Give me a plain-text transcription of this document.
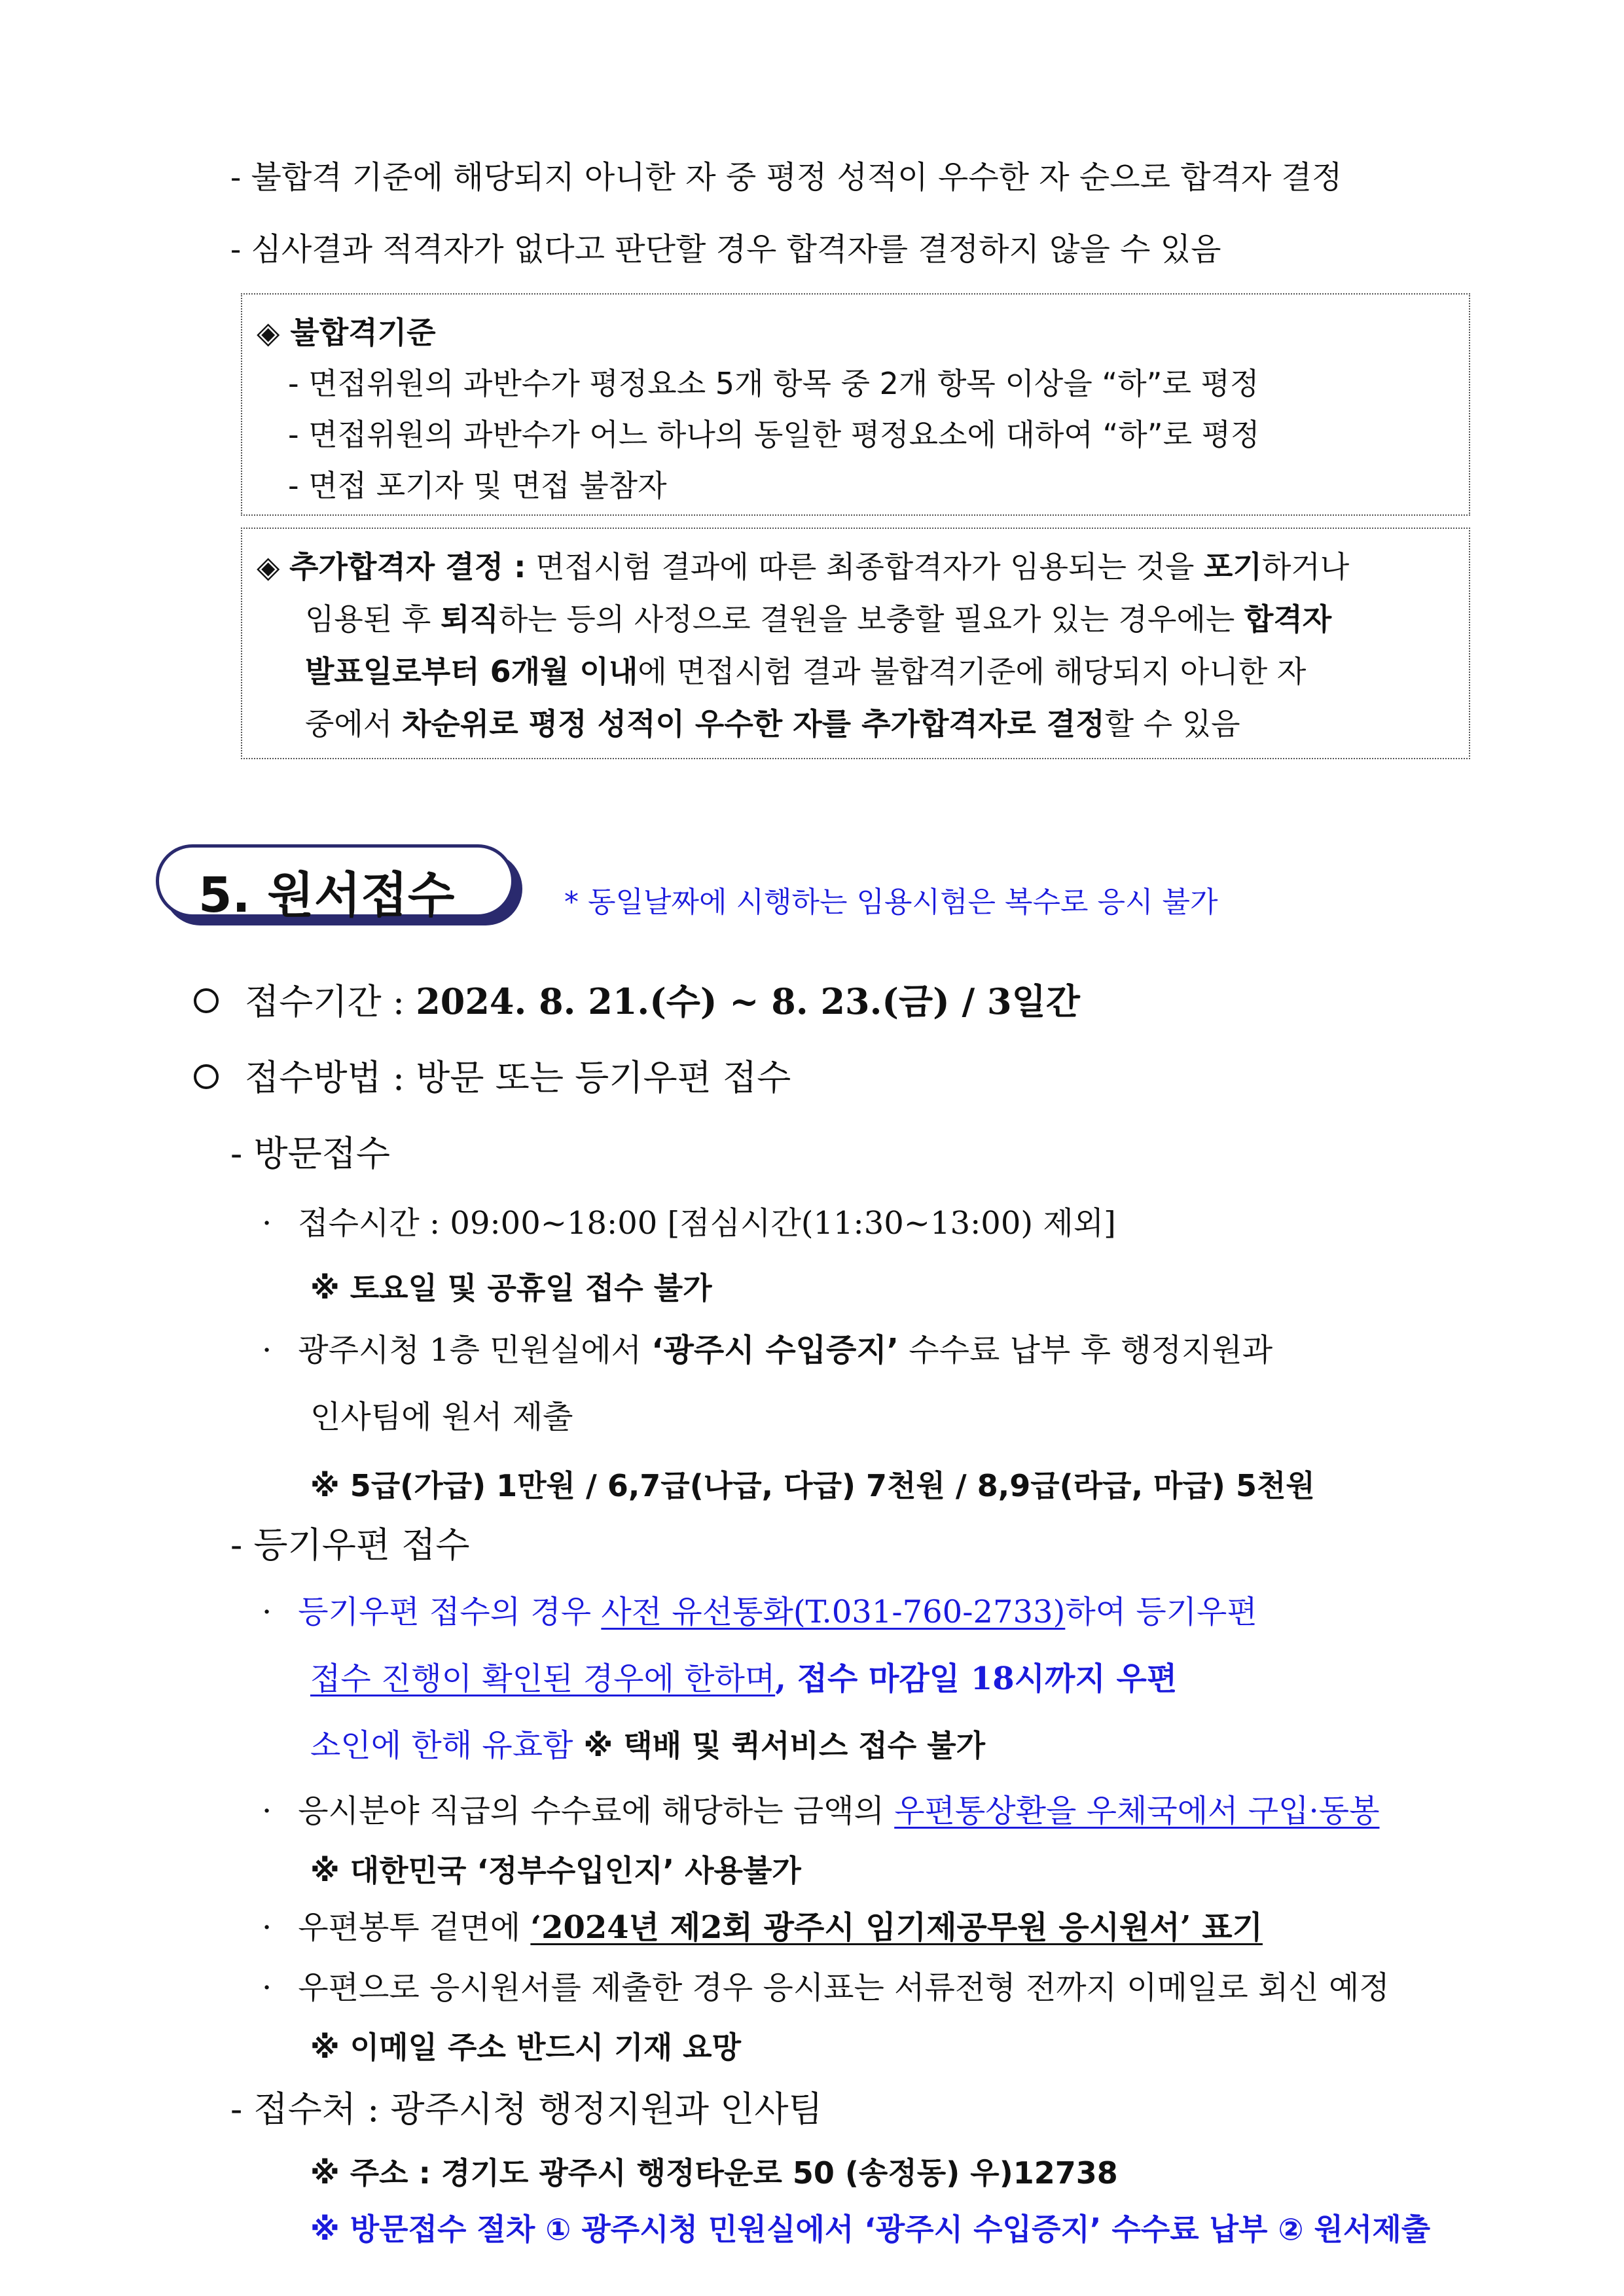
- 불합격 기준에 해당되지 아니한 자 중 평정 성적이 우수한 자 순으로 합격자 결정
- 심사결과 적격자가 없다고 판단할 경우 합격자를 결정하지 않을 수 있음
◈ 불합격기준
- 면접위원의 과반수가 평정요소 5개 항목 중 2개 항목 이상을 “하”로 평정
- 면접위원의 과반수가 어느 하나의 동일한 평정요소에 대하여 “하”로 평정
- 면접 포기자 및 면접 불참자
◈ 추가합격자 결정 : 면접시험 결과에 따른 최종합격자가 임용되는 것을 포기하거나
임용된 후 퇴직하는 등의 사정으로 결원을 보충할 필요가 있는 경우에는 합격자
발표일로부터 6개월 이내에 면접시험 결과 불합격기준에 해당되지 아니한 자
중에서 차순위로 평정 성적이 우수한 자를 추가합격자로 결정할 수 있음
5. 원서접수	* 동일날짜에 시행하는 임용시험은 복수로 응시 불가
접수기간 : 2024. 8. 21.(수) ~ 8. 23.(금) / 3일간
접수방법 : 방문 또는 등기우편 접수
- 방문접수
· 접수시간 : 09:00~18:00 [점심시간(11:30~13:00) 제외]
※ 토요일 및 공휴일 접수 불가
· 광주시청 1층 민원실에서 ‘광주시 수입증지’ 수수료 납부 후 행정지원과
인사팀에 원서 제출
※ 5급(가급) 1만원 / 6,7급(나급, 다급) 7천원 / 8,9급(라급, 마급) 5천원
- 등기우편 접수
· 등기우편 접수의 경우 사전 유선통화(T.031-760-2733)하여 등기우편
접수 진행이 확인된 경우에 한하며, 접수 마감일 18시까지 우편
소인에 한해 유효함 ※ 택배 및 퀵서비스 접수 불가
· 응시분야 직급의 수수료에 해당하는 금액의 우편통상환을 우체국에서 구입·동봉
※ 대한민국 ‘정부수입인지’ 사용불가
· 우편봉투 겉면에 ‘2024년 제2회 광주시 임기제공무원 응시원서’ 표기
· 우편으로 응시원서를 제출한 경우 응시표는 서류전형 전까지 이메일로 회신 예정
※ 이메일 주소 반드시 기재 요망
- 접수처 : 광주시청 행정지원과 인사팀
※ 주소 : 경기도 광주시 행정타운로 50 (송정동) 우)12738
※ 방문접수 절차 ① 광주시청 민원실에서 ‘광주시 수입증지’ 수수료 납부 ② 원서제출
